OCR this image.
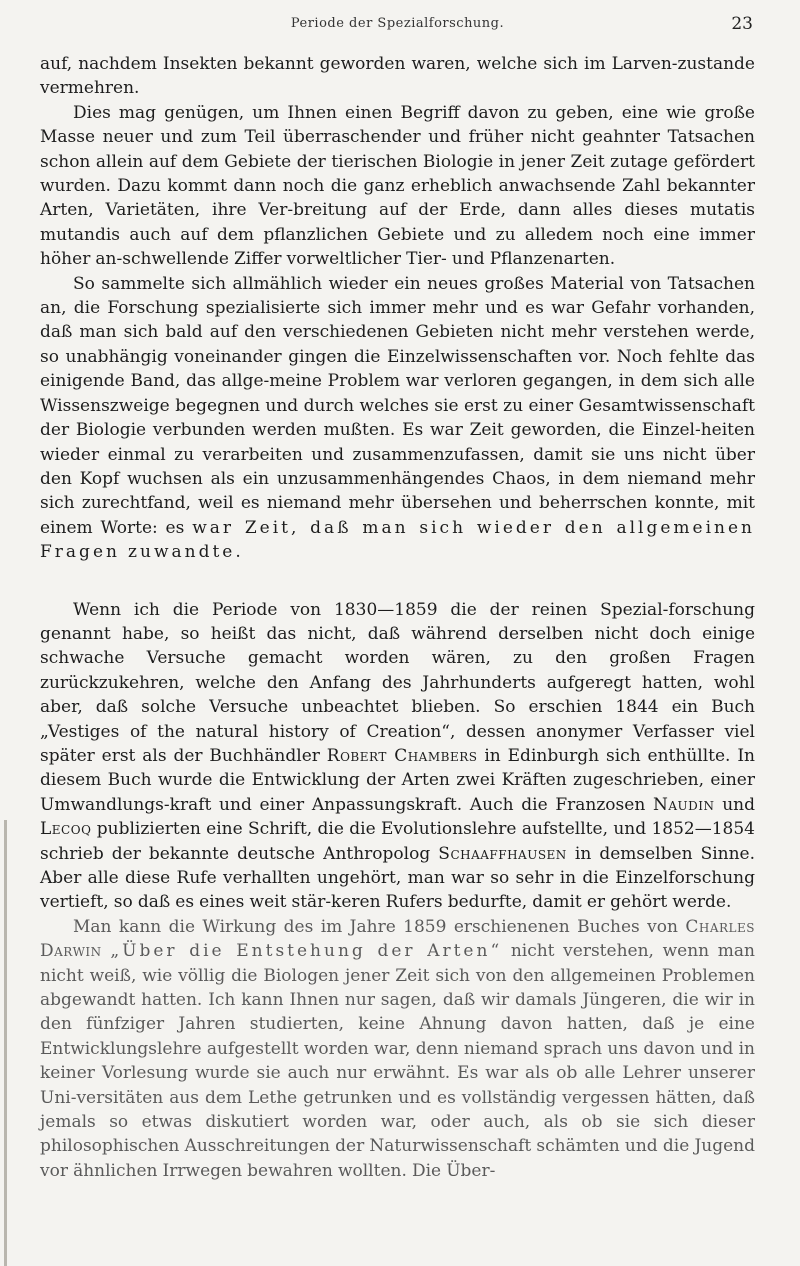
Periode der Spezialforschung.	23

auf, nachdem Insekten bekannt geworden waren, welche sich im Larven-zustande vermehren.

Dies mag genügen, um Ihnen einen Begriff davon zu geben, eine wie große Masse neuer und zum Teil überraschender und früher nicht geahnter Tatsachen schon allein auf dem Gebiete der tierischen Biologie in jener Zeit zutage gefördert wurden. Dazu kommt dann noch die ganz erheblich anwachsende Zahl bekannter Arten, Varietäten, ihre Ver-breitung auf der Erde, dann alles dieses mutatis mutandis auch auf dem pflanzlichen Gebiete und zu alledem noch eine immer höher an-schwellende Ziffer vorweltlicher Tier- und Pflanzenarten.

So sammelte sich allmählich wieder ein neues großes Material von Tatsachen an, die Forschung spezialisierte sich immer mehr und es war Gefahr vorhanden, daß man sich bald auf den verschiedenen Gebieten nicht mehr verstehen werde, so unabhängig voneinander gingen die Einzelwissenschaften vor. Noch fehlte das einigende Band, das allge-meine Problem war verloren gegangen, in dem sich alle Wissenszweige begegnen und durch welches sie erst zu einer Gesamtwissenschaft der Biologie verbunden werden mußten. Es war Zeit geworden, die Einzel-heiten wieder einmal zu verarbeiten und zusammenzufassen, damit sie uns nicht über den Kopf wuchsen als ein unzusammenhängendes Chaos, in dem niemand mehr sich zurechtfand, weil es niemand mehr übersehen und beherrschen konnte, mit einem Worte: es war Zeit, daß man sich wieder den allgemeinen Fragen zuwandte.

Wenn ich die Periode von 1830—1859 die der reinen Spezial-forschung genannt habe, so heißt das nicht, daß während derselben nicht doch einige schwache Versuche gemacht worden wären, zu den großen Fragen zurückzukehren, welche den Anfang des Jahrhunderts aufgeregt hatten, wohl aber, daß solche Versuche unbeachtet blieben. So erschien 1844 ein Buch „Vestiges of the natural history of Creation“, dessen anonymer Verfasser viel später erst als der Buchhändler Robert Chambers in Edinburgh sich enthüllte. In diesem Buch wurde die Entwicklung der Arten zwei Kräften zugeschrieben, einer Umwandlungs-kraft und einer Anpassungskraft. Auch die Franzosen Naudin und Lecoq publizierten eine Schrift, die die Evolutionslehre aufstellte, und 1852—1854 schrieb der bekannte deutsche Anthropolog Schaaffhausen in demselben Sinne. Aber alle diese Rufe verhallten ungehört, man war so sehr in die Einzelforschung vertieft, so daß es eines weit stär-keren Rufers bedurfte, damit er gehört werde.

Man kann die Wirkung des im Jahre 1859 erschienenen Buches von Charles Darwin „Über die Entstehung der Arten“ nicht verstehen, wenn man nicht weiß, wie völlig die Biologen jener Zeit sich von den allgemeinen Problemen abgewandt hatten. Ich kann Ihnen nur sagen, daß wir damals Jüngeren, die wir in den fünfziger Jahren studierten, keine Ahnung davon hatten, daß je eine Entwicklungslehre aufgestellt worden war, denn niemand sprach uns davon und in keiner Vorlesung wurde sie auch nur erwähnt. Es war als ob alle Lehrer unserer Uni-versitäten aus dem Lethe getrunken und es vollständig vergessen hätten, daß jemals so etwas diskutiert worden war, oder auch, als ob sie sich dieser philosophischen Ausschreitungen der Naturwissenschaft schämten und die Jugend vor ähnlichen Irrwegen bewahren wollten. Die Über-
